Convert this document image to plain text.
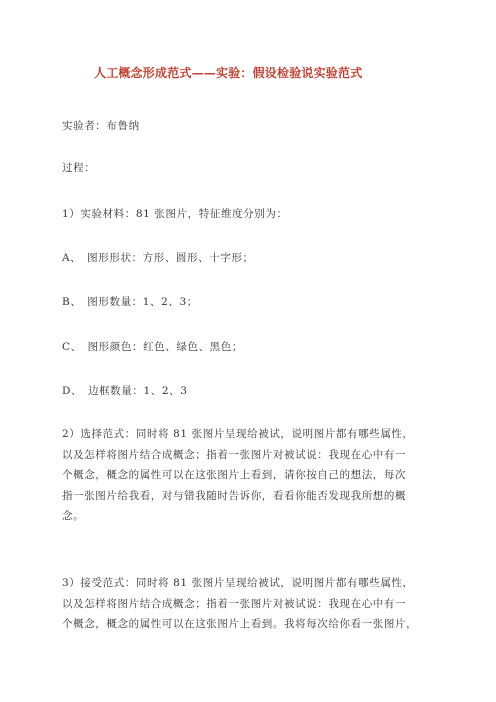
人工概念形成范式——实验：假设检验说实验范式
实验者：布鲁纳
过程：
1）实验材料：81 张图片，特征维度分别为：
A、　图形形状：方形、圆形、十字形；
B、　图形数量：1、2、3；
C、　图形颜色：红色、绿色、黑色；
D、　边框数量：1、2、3
2）选择范式：同时将 81 张图片呈现给被试，说明图片都有哪些属性，
以及怎样将图片结合成概念；指着一张图片对被试说：我现在心中有一
个概念，概念的属性可以在这张图片上看到，请你按自己的想法，每次
指一张图片给我看，对与错我随时告诉你，看看你能否发现我所想的概
念。
3）接受范式：同时将 81 张图片呈现给被试，说明图片都有哪些属性，
以及怎样将图片结合成概念；指着一张图片对被试说：我现在心中有一
个概念，概念的属性可以在这张图片上看到。我将每次给你看一张图片，
